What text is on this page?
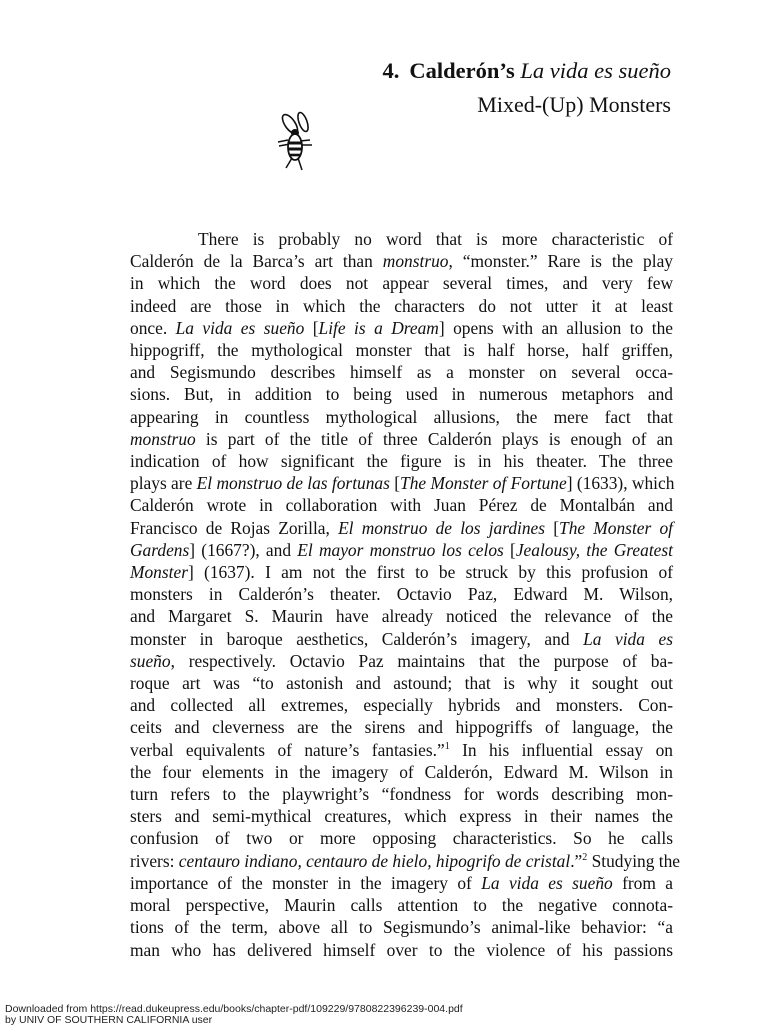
4. Calderón’s La vida es sueño
Mixed-(Up) Monsters
There is probably no word that is more characteristic of
Calderón de la Barca’s art than monstruo, “monster.” Rare is the play
in which the word does not appear several times, and very few
indeed are those in which the characters do not utter it at least
once. La vida es sueño [Life is a Dream] opens with an allusion to the
hippogriff, the mythological monster that is half horse, half griffen,
and Segismundo describes himself as a monster on several occa-
sions. But, in addition to being used in numerous metaphors and
appearing in countless mythological allusions, the mere fact that
monstruo is part of the title of three Calderón plays is enough of an
indication of how significant the figure is in his theater. The three
plays are El monstruo de las fortunas [The Monster of Fortune] (1633), which
Calderón wrote in collaboration with Juan Pérez de Montalbán and
Francisco de Rojas Zorilla, El monstruo de los jardines [The Monster of
Gardens] (1667?), and El mayor monstruo los celos [Jealousy, the Greatest
Monster] (1637). I am not the first to be struck by this profusion of
monsters in Calderón’s theater. Octavio Paz, Edward M. Wilson,
and Margaret S. Maurin have already noticed the relevance of the
monster in baroque aesthetics, Calderón’s imagery, and La vida es
sueño, respectively. Octavio Paz maintains that the purpose of ba-
roque art was “to astonish and astound; that is why it sought out
and collected all extremes, especially hybrids and monsters. Con-
ceits and cleverness are the sirens and hippogriffs of language, the
verbal equivalents of nature’s fantasies.”$^1$ In his influential essay on
the four elements in the imagery of Calderón, Edward M. Wilson in
turn refers to the playwright’s “fondness for words describing mon-
sters and semi-mythical creatures, which express in their names the
confusion of two or more opposing characteristics. So he calls
rivers: centauro indiano, centauro de hielo, hipogrifo de cristal.”$^2$ Studying the
importance of the monster in the imagery of La vida es sueño from a
moral perspective, Maurin calls attention to the negative connota-
tions of the term, above all to Segismundo’s animal-like behavior: “a
man who has delivered himself over to the violence of his passions
Downloaded from https://read.dukeupress.edu/books/chapter-pdf/109229/9780822396239-004.pdf
by UNIV OF SOUTHERN CALIFORNIA user
